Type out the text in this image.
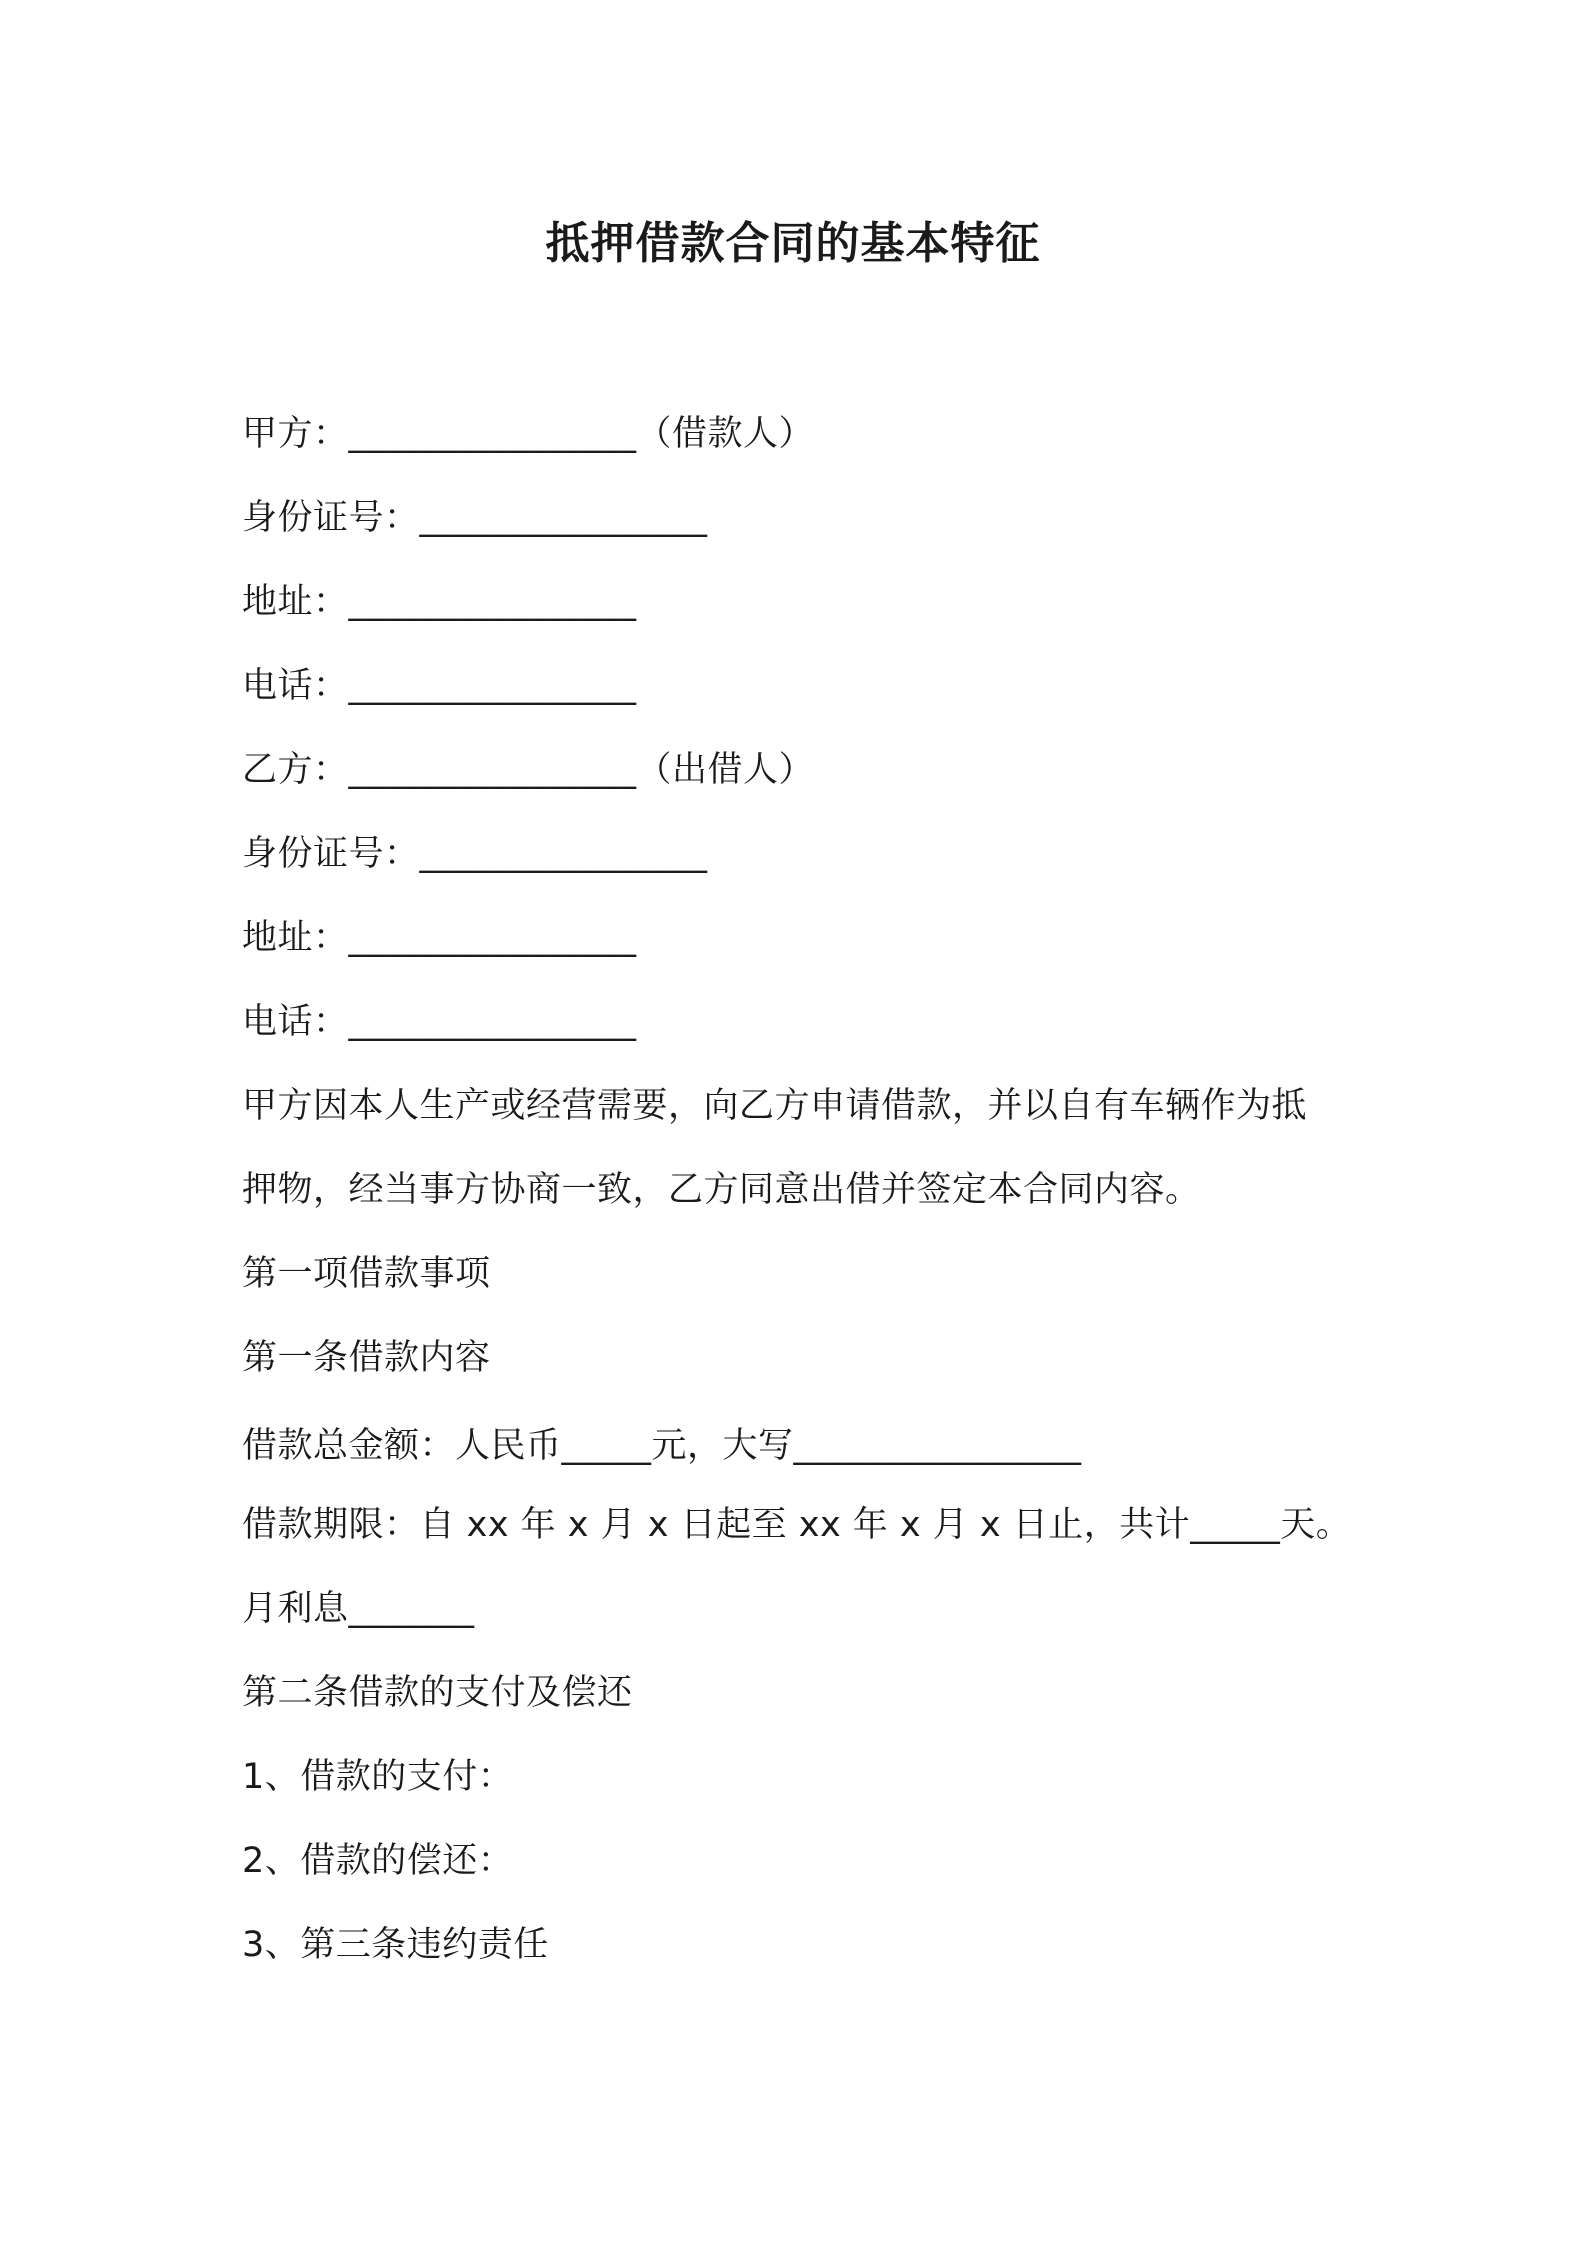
抵押借款合同的基本特征
甲方：________________（借款人）
身份证号：________________
地址：________________
电话：________________
乙方：________________（出借人）
身份证号：________________
地址：________________
电话：________________
甲方因本人生产或经营需要，向乙方申请借款，并以自有车辆作为抵
押物，经当事方协商一致，乙方同意出借并签定本合同内容。
第一项借款事项
第一条借款内容
借款总金额：人民币_____元，大写________________
借款期限：自 xx 年 x 月 x 日起至 xx 年 x 月 x 日止，共计_____天。
月利息_______
第二条借款的支付及偿还
1、借款的支付：
2、借款的偿还：
3、第三条违约责任
